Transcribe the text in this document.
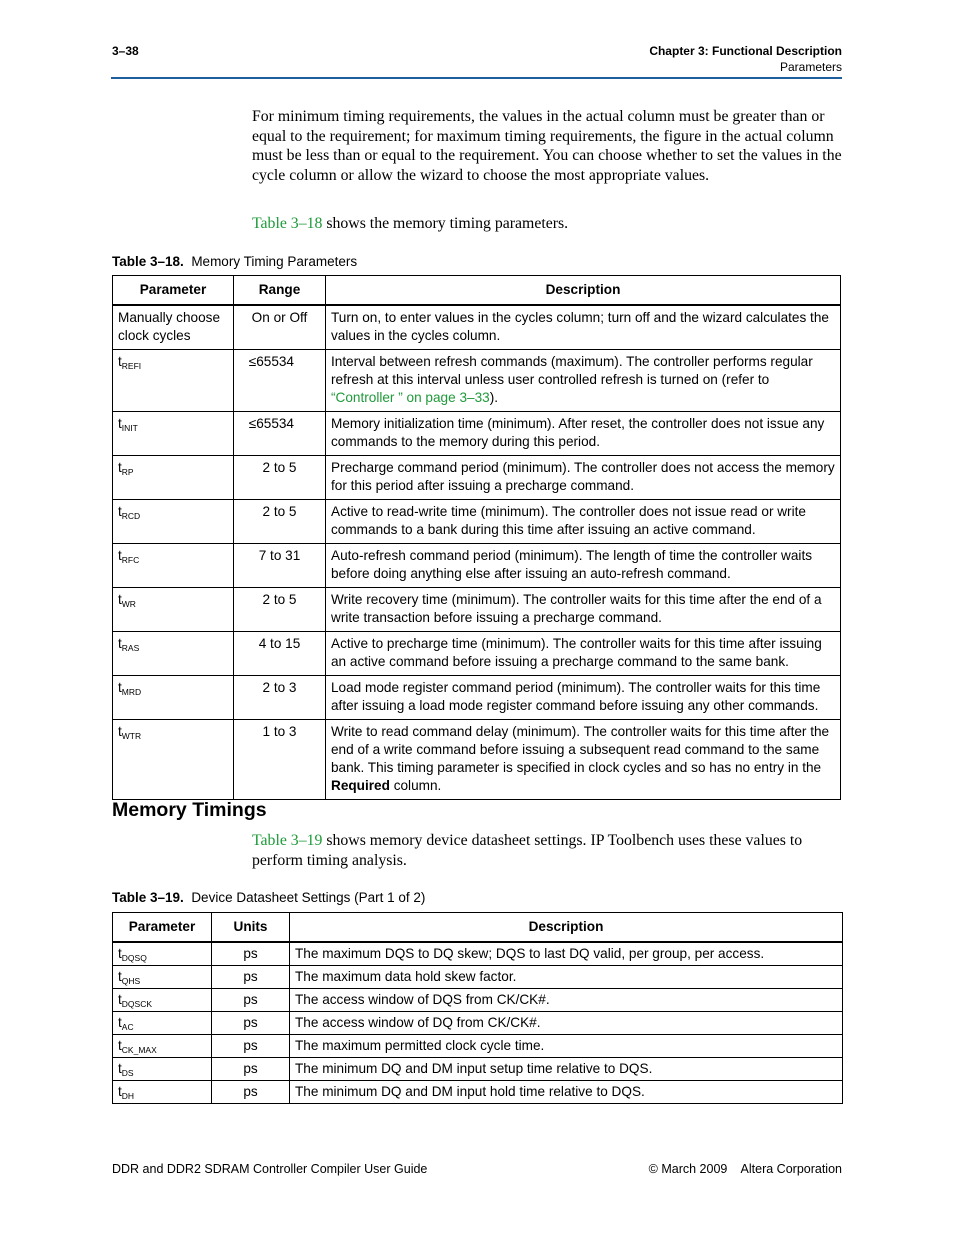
3–38	Chapter 3: Functional Description
Parameters
For minimum timing requirements, the values in the actual column must be greater than or equal to the requirement; for maximum timing requirements, the figure in the actual column must be less than or equal to the requirement. You can choose whether to set the values in the cycle column or allow the wizard to choose the most appropriate values.
Table 3–18 shows the memory timing parameters.
Table 3–18. Memory Timing Parameters
Parameter	Range	Description
Manually choose clock cycles	On or Off	Turn on, to enter values in the cycles column; turn off and the wizard calculates the values in the cycles column.
$t_{REFI}$	≤65534	Interval between refresh commands (maximum). The controller performs regular refresh at this interval unless user controlled refresh is turned on (refer to “Controller ” on page 3–33).
$t_{INIT}$	≤65534	Memory initialization time (minimum). After reset, the controller does not issue any commands to the memory during this period.
$t_{RP}$	2 to 5	Precharge command period (minimum). The controller does not access the memory for this period after issuing a precharge command.
$t_{RCD}$	2 to 5	Active to read-write time (minimum). The controller does not issue read or write commands to a bank during this time after issuing an active command.
$t_{RFC}$	7 to 31	Auto-refresh command period (minimum). The length of time the controller waits before doing anything else after issuing an auto-refresh command.
$t_{WR}$	2 to 5	Write recovery time (minimum). The controller waits for this time after the end of a write transaction before issuing a precharge command.
$t_{RAS}$	4 to 15	Active to precharge time (minimum). The controller waits for this time after issuing an active command before issuing a precharge command to the same bank.
$t_{MRD}$	2 to 3	Load mode register command period (minimum). The controller waits for this time after issuing a load mode register command before issuing any other commands.
$t_{WTR}$	1 to 3	Write to read command delay (minimum). The controller waits for this time after the end of a write command before issuing a subsequent read command to the same bank. This timing parameter is specified in clock cycles and so has no entry in the Required column.
Memory Timings
Table 3–19 shows memory device datasheet settings. IP Toolbench uses these values to perform timing analysis.
Table 3–19. Device Datasheet Settings (Part 1 of 2)
Parameter	Units	Description
$t_{DQSQ}$	ps	The maximum DQS to DQ skew; DQS to last DQ valid, per group, per access.
$t_{QHS}$	ps	The maximum data hold skew factor.
$t_{DQSCK}$	ps	The access window of DQS from CK/CK#.
$t_{AC}$	ps	The access window of DQ from CK/CK#.
$t_{CK\_MAX}$	ps	The maximum permitted clock cycle time.
$t_{DS}$	ps	The minimum DQ and DM input setup time relative to DQS.
$t_{DH}$	ps	The minimum DQ and DM input hold time relative to DQS.
DDR and DDR2 SDRAM Controller Compiler User Guide	© March 2009    Altera Corporation
